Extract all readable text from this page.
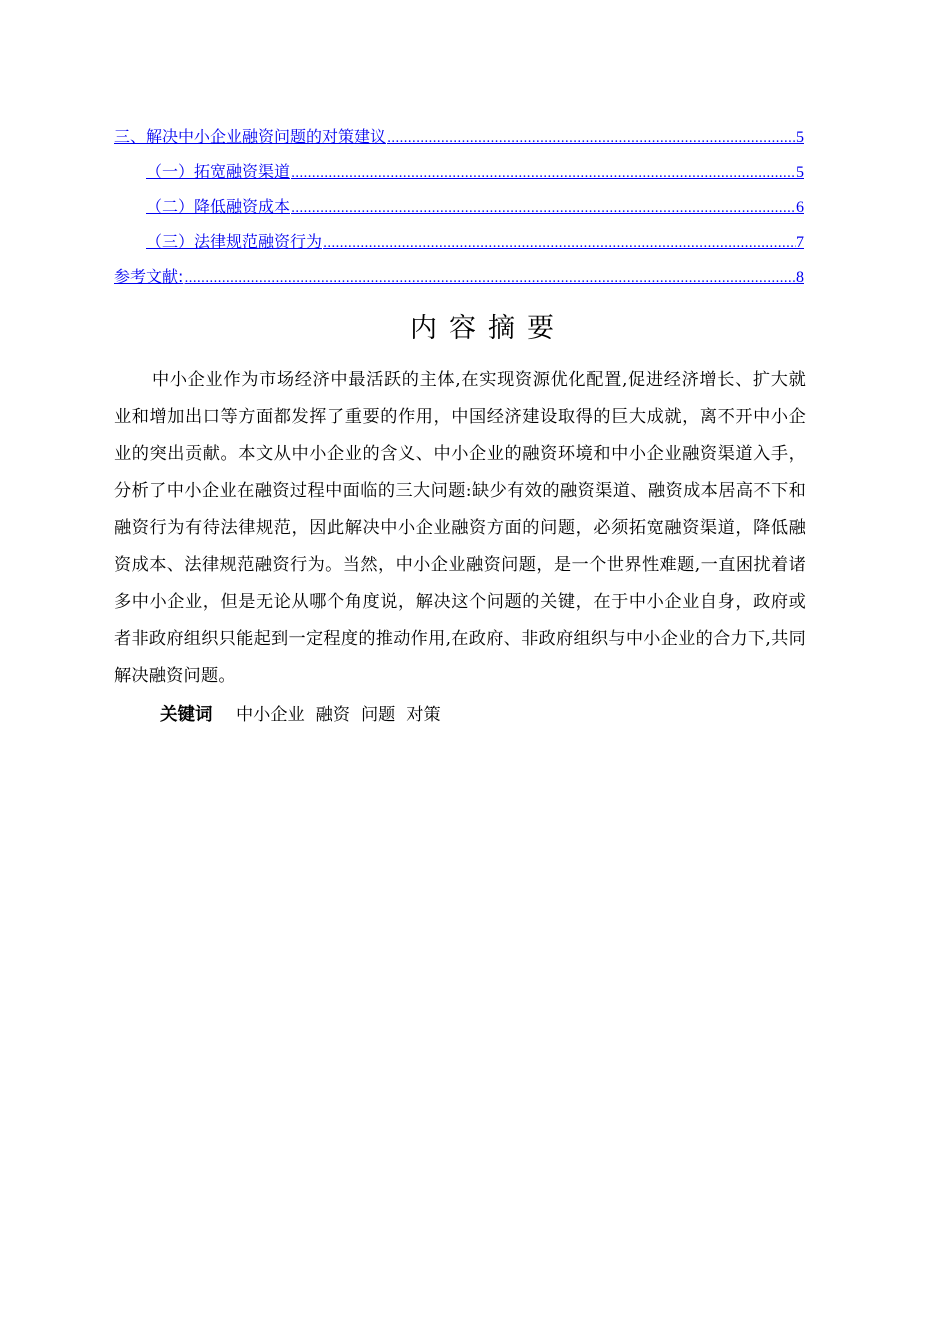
三、解决中小企业融资问题的对策建议 .....	5
（一）拓宽融资渠道 .....	5
（二）降低融资成本 .....	6
（三）法律规范融资行为 .....	7
参考文献: .....	8
内容摘要

中小企业作为市场经济中最活跃的主体,在实现资源优化配置,促进经济增长、扩大就业和增加出口等方面都发挥了重要的作用，中国经济建设取得的巨大成就，离不开中小企业的突出贡献。本文从中小企业的含义、中小企业的融资环境和中小企业融资渠道入手，分析了中小企业在融资过程中面临的三大问题:缺少有效的融资渠道、融资成本居高不下和融资行为有待法律规范，因此解决中小企业融资方面的问题，必须拓宽融资渠道，降低融资成本、法律规范融资行为。当然，中小企业融资问题，是一个世界性难题,一直困扰着诸多中小企业，但是无论从哪个角度说，解决这个问题的关键，在于中小企业自身，政府或者非政府组织只能起到一定程度的推动作用,在政府、非政府组织与中小企业的合力下,共同解决融资问题。

关键词 中小企业  融资  问题  对策
